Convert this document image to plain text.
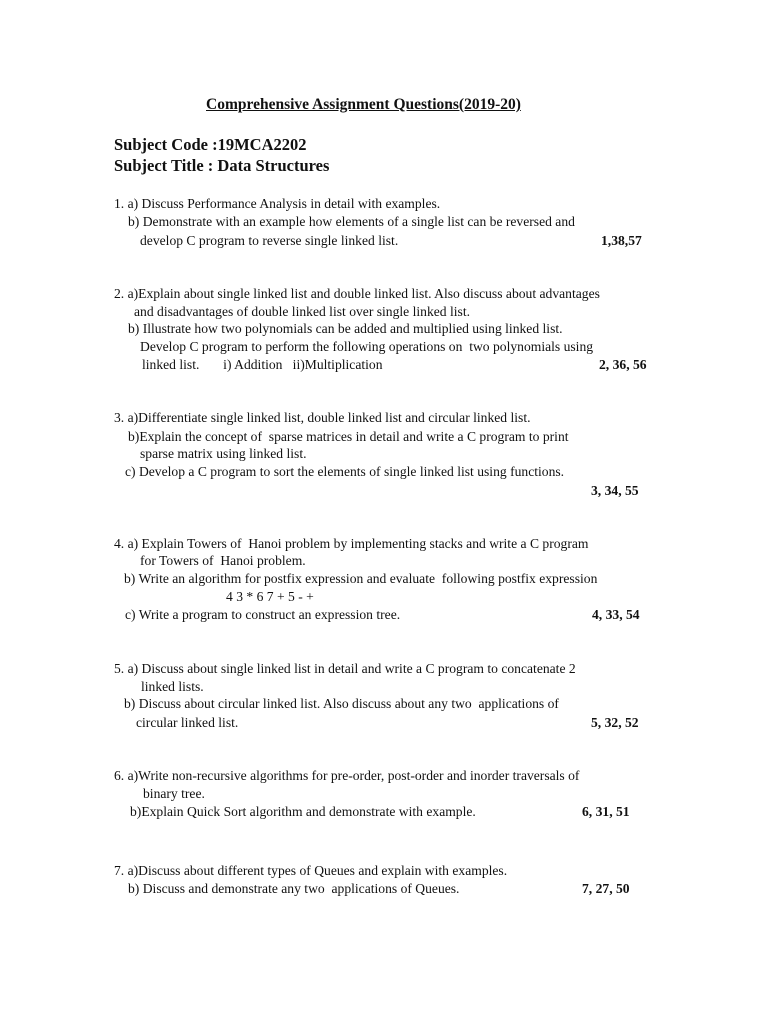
Comprehensive Assignment Questions(2019-20)
Subject Code :19MCA2202
Subject Title : Data Structures
1. a) Discuss Performance Analysis in detail with examples.
b) Demonstrate with an example how elements of a single list can be reversed and
develop C program to reverse single linked list.	1,38,57
2. a)Explain about single linked list and double linked list. Also discuss about advantages
and disadvantages of double linked list over single linked list.
b) Illustrate how two polynomials can be added and multiplied using linked list.
Develop C program to perform the following operations on  two polynomials using
linked list.       i) Addition   ii)Multiplication	2, 36, 56
3. a)Differentiate single linked list, double linked list and circular linked list.
b)Explain the concept of  sparse matrices in detail and write a C program to print
sparse matrix using linked list.
c) Develop a C program to sort the elements of single linked list using functions.
3, 34, 55
4. a) Explain Towers of  Hanoi problem by implementing stacks and write a C program
for Towers of  Hanoi problem.
b) Write an algorithm for postfix expression and evaluate  following postfix expression
4 3 * 6 7 + 5 - +
c) Write a program to construct an expression tree.	4, 33, 54
5. a) Discuss about single linked list in detail and write a C program to concatenate 2
linked lists.
b) Discuss about circular linked list. Also discuss about any two  applications of
circular linked list.	5, 32, 52
6. a)Write non-recursive algorithms for pre-order, post-order and inorder traversals of
binary tree.
b)Explain Quick Sort algorithm and demonstrate with example.	6, 31, 51
7. a)Discuss about different types of Queues and explain with examples.
b) Discuss and demonstrate any two  applications of Queues.	7, 27, 50
